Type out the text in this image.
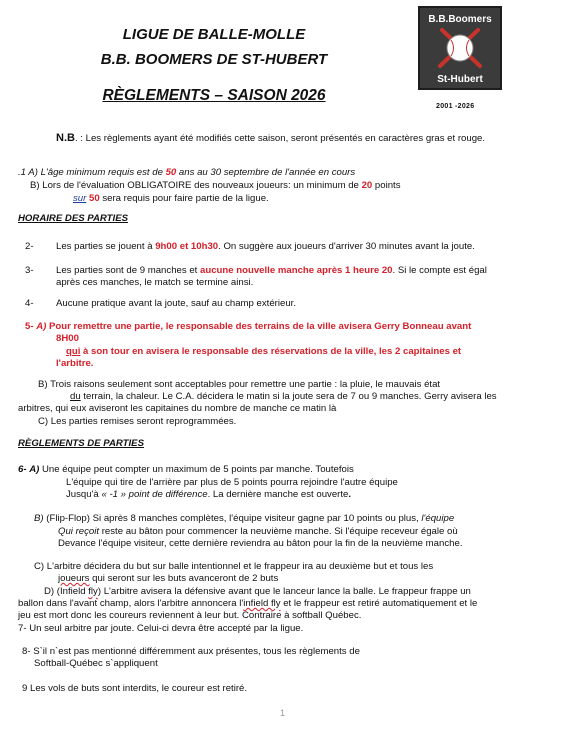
LIGUE DE BALLE-MOLLE
B.B. BOOMERS DE ST-HUBERT
RÈGLEMENTS – SAISON 2026
B.B.Boomers
St-Hubert
2001 -2026
N.B. : Les règlements ayant été modifiés cette saison, seront présentés en caractères gras et rouge.
.1 A) L'âge minimum requis est de 50 ans au 30 septembre de l'année en cours
B) Lors de l'évaluation OBLIGATOIRE des nouveaux joueurs: un minimum de 20 points
sur 50 sera requis pour faire partie de la ligue.
HORAIRE DES PARTIES
2- Les parties se jouent à 9h00 et 10h30. On suggère aux joueurs d'arriver 30 minutes avant la joute.
3- Les parties sont de 9 manches et aucune nouvelle manche après 1 heure 20. Si le compte est égal
après ces manches, le match se termine ainsi.
4- Aucune pratique avant la joute, sauf au champ extérieur.
5- A) Pour remettre une partie, le responsable des terrains de la ville avisera Gerry Bonneau avant
8H00
qui à son tour en avisera le responsable des réservations de la ville, les 2 capitaines et
l'arbitre.
B) Trois raisons seulement sont acceptables pour remettre une partie : la pluie, le mauvais état
du terrain, la chaleur. Le C.A. décidera le matin si la joute sera de 7 ou 9 manches. Gerry avisera les
arbitres, qui eux aviseront les capitaines du nombre de manche ce matin là
C) Les parties remises seront reprogrammées.
RÈGLEMENTS DE PARTIES
6- A) Une équipe peut compter un maximum de 5 points par manche. Toutefois
L'équipe qui tire de l'arrière par plus de 5 points pourra rejoindre l'autre équipe
Jusqu'à « -1 » point de différence. La dernière manche est ouverte.
B) (Flip-Flop) Si après 8 manches complètes, l'équipe visiteur gagne par 10 points ou plus, l'équipe
Qui reçoit reste au bâton pour commencer la neuvième manche. Si l'équipe receveur égale où
Devance l'équipe visiteur, cette dernière reviendra au bâton pour la fin de la neuvième manche.
C) L'arbitre décidera du but sur balle intentionnel et le frappeur ira au deuxième but et tous les
joueurs qui seront sur les buts avanceront de 2 buts
D) (Infield fly) L'arbitre avisera la défensive avant que le lanceur lance la balle. Le frappeur frappe un
ballon dans l'avant champ, alors l'arbitre annoncera l'infield fly et le frappeur est retiré automatiquement et le
jeu est mort donc les coureurs reviennent à leur but. Contraire à softball Québec.
7- Un seul arbitre par joute. Celui-ci devra être accepté par la ligue.
8- S`il n`est pas mentionné différemment aux présentes, tous les règlements de
Softball-Québec s`appliquent
9 Les vols de buts sont interdits, le coureur est retiré.
1
